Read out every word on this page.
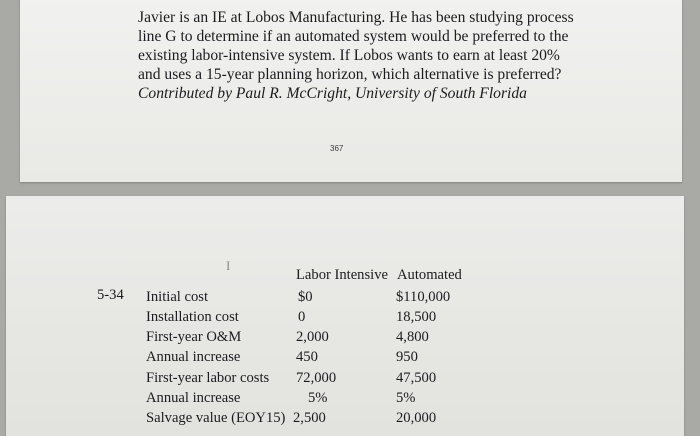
Javier is an IE at Lobos Manufacturing. He has been studying process
line G to determine if an automated system would be preferred to the
existing labor-intensive system. If Lobos wants to earn at least 20%
and uses a 15-year planning horizon, which alternative is preferred?
Contributed by Paul R. McCright, University of South Florida

367
I
5-34
Labor Intensive Automated
Initial cost	$0	$110,000
Installation cost	0	18,500
First-year O&M	2,000	4,800
Annual increase	450	950
First-year labor costs 72,000	47,500
Annual increase	5%	5%
Salvage value (EOY15) 2,500	20,000
